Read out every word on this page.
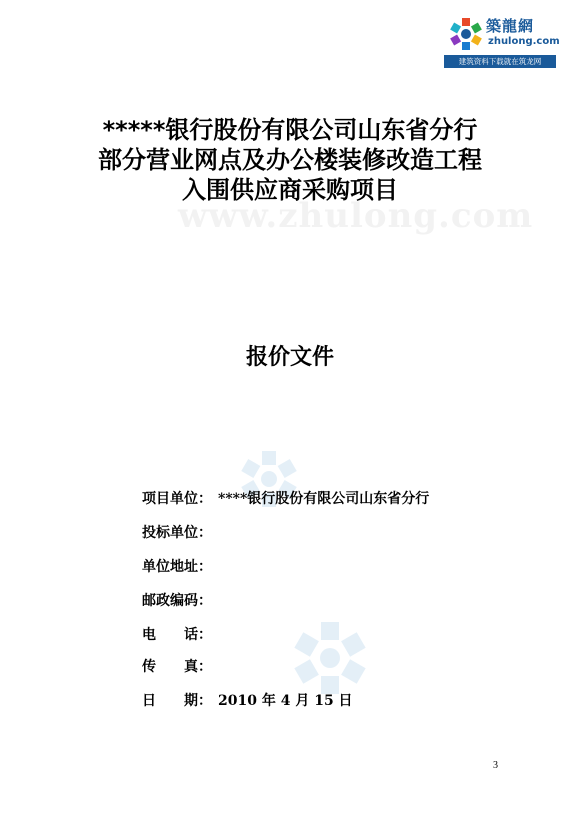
築龍網
zhulong.com
建筑资料下载就在筑龙网
*****银行股份有限公司山东省分行
部分营业网点及办公楼装修改造工程
入围供应商采购项目
www.zhulong.com
报价文件
项目单位： ****银行股份有限公司山东省分行
投标单位：
单位地址：
邮政编码：
电　　话：
传　　真：
日　　期： 2010 年 4 月 15 日
3
